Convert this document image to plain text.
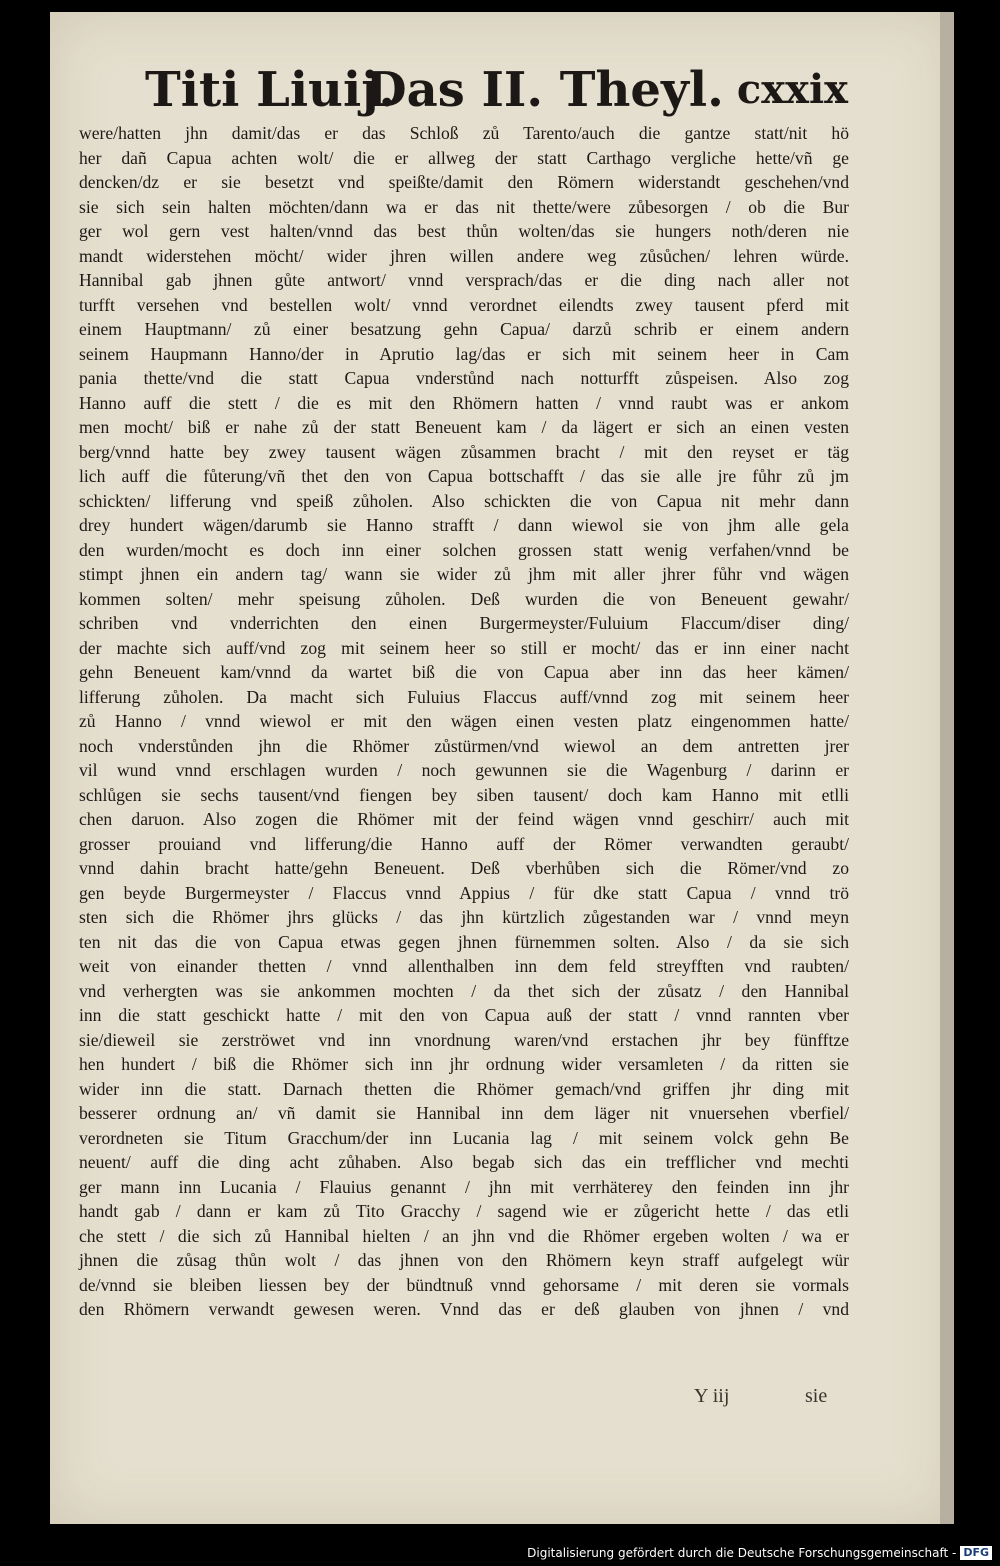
Titi Liuij.
Das II. Theyl. cxxix
were/hatten jhn damit/das er das Schloß zů Tarento/auch die gantze statt/nit hö
her dañ Capua achten wolt/ die er allweg der statt Carthago vergliche hette/vñ ge
dencken/dz er sie besetzt vnd speißte/damit den Römern widerstandt geschehen/vnd
sie sich sein halten möchten/dann wa er das nit thette/were zůbesorgen / ob die Bur
ger wol gern vest halten/vnnd das best thůn wolten/das sie hungers noth/deren nie
mandt widerstehen möcht/ wider jhren willen andere weg zůsůchen/ lehren würde.
Hannibal gab jhnen gůte antwort/ vnnd versprach/das er die ding nach aller not
turfft versehen vnd bestellen wolt/ vnnd verordnet eilendts zwey tausent pferd mit
einem Hauptmann/ zů einer besatzung gehn Capua/ darzů schrib er einem andern
seinem Haupmann Hanno/der in Aprutio lag/das er sich mit seinem heer in Cam
pania thette/vnd die statt Capua vnderstůnd nach notturfft zůspeisen. Also zog
Hanno auff die stett / die es mit den Rhömern hatten / vnnd raubt was er ankom
men mocht/ biß er nahe zů der statt Beneuent kam / da lägert er sich an einen vesten
berg/vnnd hatte bey zwey tausent wägen zůsammen bracht / mit den reyset er täg
lich auff die fůterung/vñ thet den von Capua bottschafft / das sie alle jre fůhr zů jm
schickten/ lifferung vnd speiß zůholen. Also schickten die von Capua nit mehr dann
drey hundert wägen/darumb sie Hanno strafft / dann wiewol sie von jhm alle gela
den wurden/mocht es doch inn einer solchen grossen statt wenig verfahen/vnnd be
stimpt jhnen ein andern tag/ wann sie wider zů jhm mit aller jhrer fůhr vnd wägen
kommen solten/ mehr speisung zůholen. Deß wurden die von Beneuent gewahr/
schriben vnd vnderrichten den einen Burgermeyster/Fuluium Flaccum/diser ding/
der machte sich auff/vnd zog mit seinem heer so still er mocht/ das er inn einer nacht
gehn Beneuent kam/vnnd da wartet biß die von Capua aber inn das heer kämen/
lifferung zůholen. Da macht sich Fuluius Flaccus auff/vnnd zog mit seinem heer
zů Hanno / vnnd wiewol er mit den wägen einen vesten platz eingenommen hatte/
noch vnderstůnden jhn die Rhömer zůstürmen/vnd wiewol an dem antretten jrer
vil wund vnnd erschlagen wurden / noch gewunnen sie die Wagenburg / darinn er
schlůgen sie sechs tausent/vnd fiengen bey siben tausent/ doch kam Hanno mit etlli
chen daruon. Also zogen die Rhömer mit der feind wägen vnnd geschirr/ auch mit
grosser prouiand vnd lifferung/die Hanno auff der Römer verwandten geraubt/
vnnd dahin bracht hatte/gehn Beneuent. Deß vberhůben sich die Römer/vnd zo
gen beyde Burgermeyster / Flaccus vnnd Appius / für dke statt Capua / vnnd trö
sten sich die Rhömer jhrs glücks / das jhn kürtzlich zůgestanden war / vnnd meyn
ten nit das die von Capua etwas gegen jhnen fürnemmen solten. Also / da sie sich
weit von einander thetten / vnnd allenthalben inn dem feld streyfften vnd raubten/
vnd verhergten was sie ankommen mochten / da thet sich der zůsatz / den Hannibal
inn die statt geschickt hatte / mit den von Capua auß der statt / vnnd rannten vber
sie/dieweil sie zerströwet vnd inn vnordnung waren/vnd erstachen jhr bey fünfftze
hen hundert / biß die Rhömer sich inn jhr ordnung wider versamleten / da ritten sie
wider inn die statt. Darnach thetten die Rhömer gemach/vnd griffen jhr ding mit
besserer ordnung an/ vñ damit sie Hannibal inn dem läger nit vnuersehen vberfiel/
verordneten sie Titum Gracchum/der inn Lucania lag / mit seinem volck gehn Be
neuent/ auff die ding acht zůhaben. Also begab sich das ein trefflicher vnd mechti
ger mann inn Lucania / Flauius genannt / jhn mit verrhäterey den feinden inn jhr
handt gab / dann er kam zů Tito Gracchy / sagend wie er zůgericht hette / das etli
che stett / die sich zů Hannibal hielten / an jhn vnd die Rhömer ergeben wolten / wa er
jhnen die zůsag thůn wolt / das jhnen von den Rhömern keyn straff aufgelegt wür
de/vnnd sie bleiben liessen bey der bündtnuß vnnd gehorsame / mit deren sie vormals
den Rhömern verwandt gewesen weren. Vnnd das er deß glauben von jhnen / vnd
Y iij	sie
Digitalisierung gefördert durch die Deutsche Forschungsgemeinschaft - DFG
